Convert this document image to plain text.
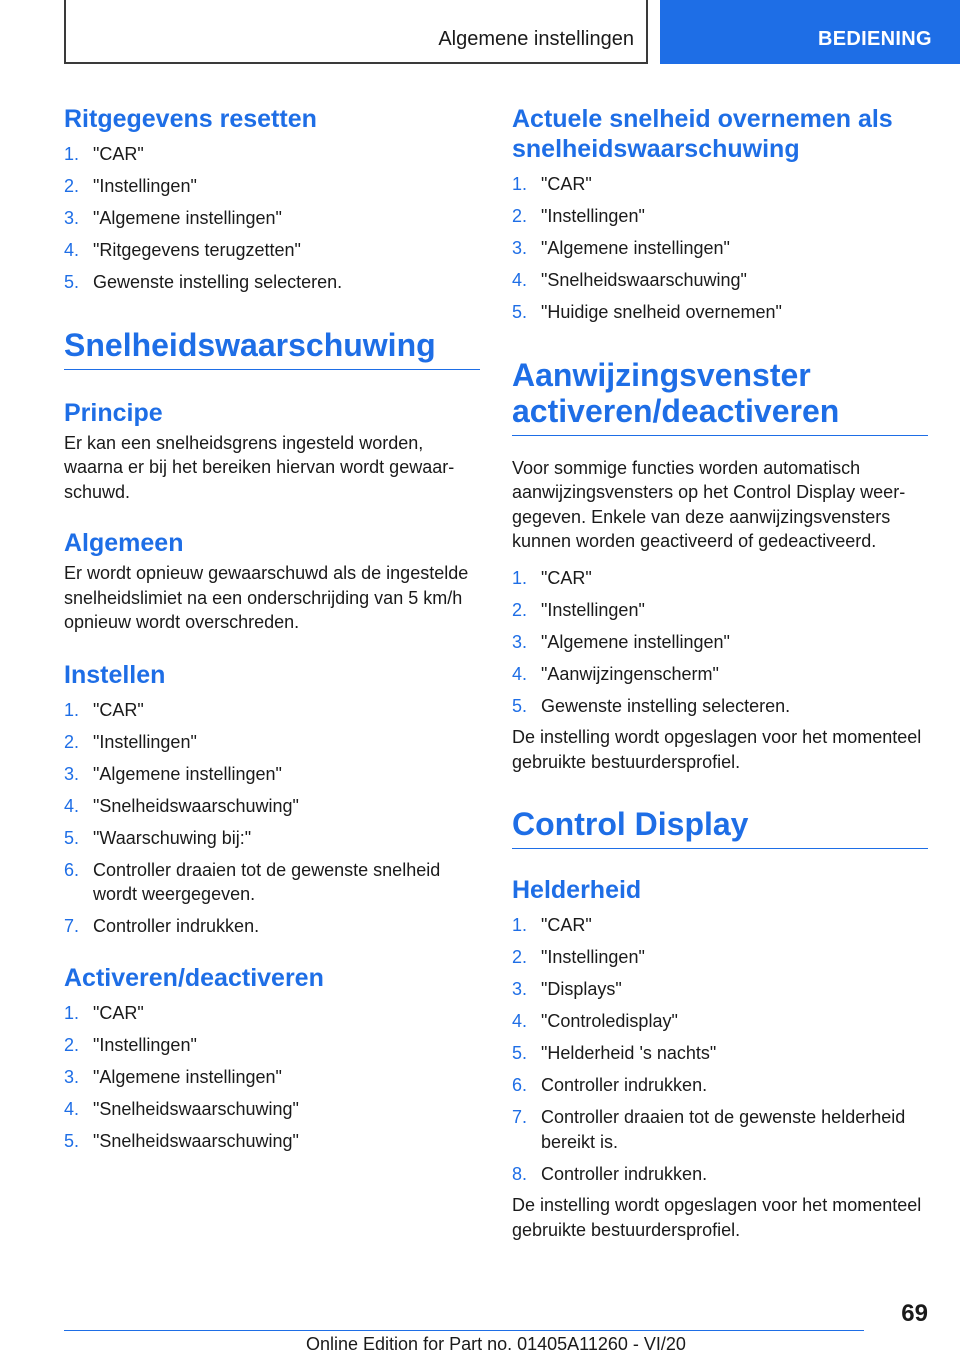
Algemene instellingen	BEDIENING
Ritgegevens resetten
1. "CAR"
2. "Instellingen"
3. "Algemene instellingen"
4. "Ritgegevens terugzetten"
5. Gewenste instelling selecteren.
Snelheidswaarschuwing
Principe

Er kan een snelheidsgrens ingesteld worden, waarna er bij het bereiken hiervan wordt gewaarschuwd.

Algemeen

Er wordt opnieuw gewaarschuwd als de ingestelde snelheidslimiet na een onderschrijding van 5 km/h opnieuw wordt overschreden.

Instellen
1. "CAR"
2. "Instellingen"
3. "Algemene instellingen"
4. "Snelheidswaarschuwing"
5. "Waarschuwing bij:"
6. Controller draaien tot de gewenste snelheid wordt weergegeven.
7. Controller indrukken.
Activeren/deactiveren
1. "CAR"
2. "Instellingen"
3. "Algemene instellingen"
4. "Snelheidswaarschuwing"
5. "Snelheidswaarschuwing"
Actuele snelheid overnemen als snelheidswaarschuwing
1. "CAR"
2. "Instellingen"
3. "Algemene instellingen"
4. "Snelheidswaarschuwing"
5. "Huidige snelheid overnemen"
Aanwijzingsvenster activeren/deactiveren

Voor sommige functies worden automatisch aanwijzingsvensters op het Control Display weergegeven. Enkele van deze aanwijzingsvensters kunnen worden geactiveerd of gedeactiveerd.

1. "CAR"
2. "Instellingen"
3. "Algemene instellingen"
4. "Aanwijzingenscherm"
5. Gewenste instelling selecteren.

De instelling wordt opgeslagen voor het momenteel gebruikte bestuurdersprofiel.

Control Display
Helderheid
1. "CAR"
2. "Instellingen"
3. "Displays"
4. "Controledisplay"
5. "Helderheid 's nachts"
6. Controller indrukken.
7. Controller draaien tot de gewenste helderheid bereikt is.
8. Controller indrukken.

De instelling wordt opgeslagen voor het momenteel gebruikte bestuurdersprofiel.

69
Online Edition for Part no. 01405A11260 - VI/20
